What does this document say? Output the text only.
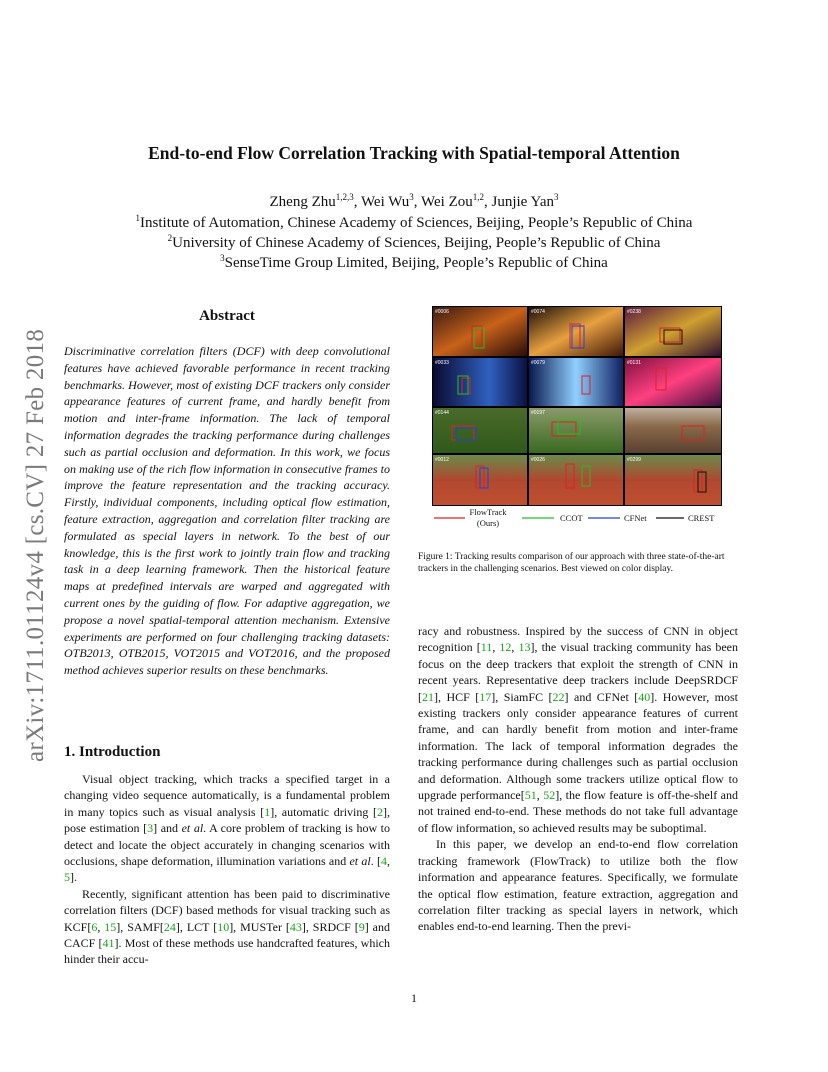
End-to-end Flow Correlation Tracking with Spatial-temporal Attention
Zheng Zhu$^{1,2,3}$, Wei Wu$^3$, Wei Zou$^{1,2}$, Junjie Yan$^3$
$^1$Institute of Automation, Chinese Academy of Sciences, Beijing, People’s Republic of China
$^2$University of Chinese Academy of Sciences, Beijing, People’s Republic of China
$^3$SenseTime Group Limited, Beijing, People’s Republic of China
arXiv:1711.01124v4 [cs.CV] 27 Feb 2018
Abstract
Discriminative correlation filters (DCF) with deep convolutional features have achieved favorable performance in recent tracking benchmarks. However, most of existing DCF trackers only consider appearance features of current frame, and hardly benefit from motion and inter-frame information. The lack of temporal information degrades the tracking performance during challenges such as partial occlusion and deformation. In this work, we focus on making use of the rich flow information in consecutive frames to improve the feature representation and the tracking accuracy. Firstly, individual components, including optical flow estimation, feature extraction, aggregation and correlation filter tracking are formulated as special layers in network. To the best of our knowledge, this is the first work to jointly train flow and tracking task in a deep learning framework. Then the historical feature maps at predefined intervals are warped and aggregated with current ones by the guiding of flow. For adaptive aggregation, we propose a novel spatial-temporal attention mechanism. Extensive experiments are performed on four challenging tracking datasets: OTB2013, OTB2015, VOT2015 and VOT2016, and the proposed method achieves superior results on these benchmarks.
1. Introduction

Visual object tracking, which tracks a specified target in a changing video sequence automatically, is a fundamental problem in many topics such as visual analysis [1], automatic driving [2], pose estimation [3] and et al. A core problem of tracking is how to detect and locate the object accurately in changing scenarios with occlusions, shape deformation, illumination variations and et al. [4, 5].

Recently, significant attention has been paid to discriminative correlation filters (DCF) based methods for visual tracking such as KCF[6, 15], SAMF[24], LCT [10], MUSTer [43], SRDCF [9] and CACF [41]. Most of these methods use handcrafted features, which hinder their accu-

#0006	#0074	#0238
#0033	#0079	#0131
#0144	#0197
#0012	#0026	#0299
FlowTrack
(Ours)	CCOT	CFNet	CREST
Figure 1: Tracking results comparison of our approach with three state-of-the-art trackers in the challenging scenarios. Best viewed on color display.

racy and robustness. Inspired by the success of CNN in object recognition [11, 12, 13], the visual tracking community has been focus on the deep trackers that exploit the strength of CNN in recent years. Representative deep trackers include DeepSRDCF [21], HCF [17], SiamFC [22] and CFNet [40]. However, most existing trackers only consider appearance features of current frame, and can hardly benefit from motion and inter-frame information. The lack of temporal information degrades the tracking performance during challenges such as partial occlusion and deformation. Although some trackers utilize optical flow to upgrade performance[51, 52], the flow feature is off-the-shelf and not trained end-to-end. These methods do not take full advantage of flow information, so achieved results may be suboptimal.

In this paper, we develop an end-to-end flow correlation tracking framework (FlowTrack) to utilize both the flow information and appearance features. Specifically, we formulate the optical flow estimation, feature extraction, aggregation and correlation filter tracking as special layers in network, which enables end-to-end learning. Then the previ-

1
